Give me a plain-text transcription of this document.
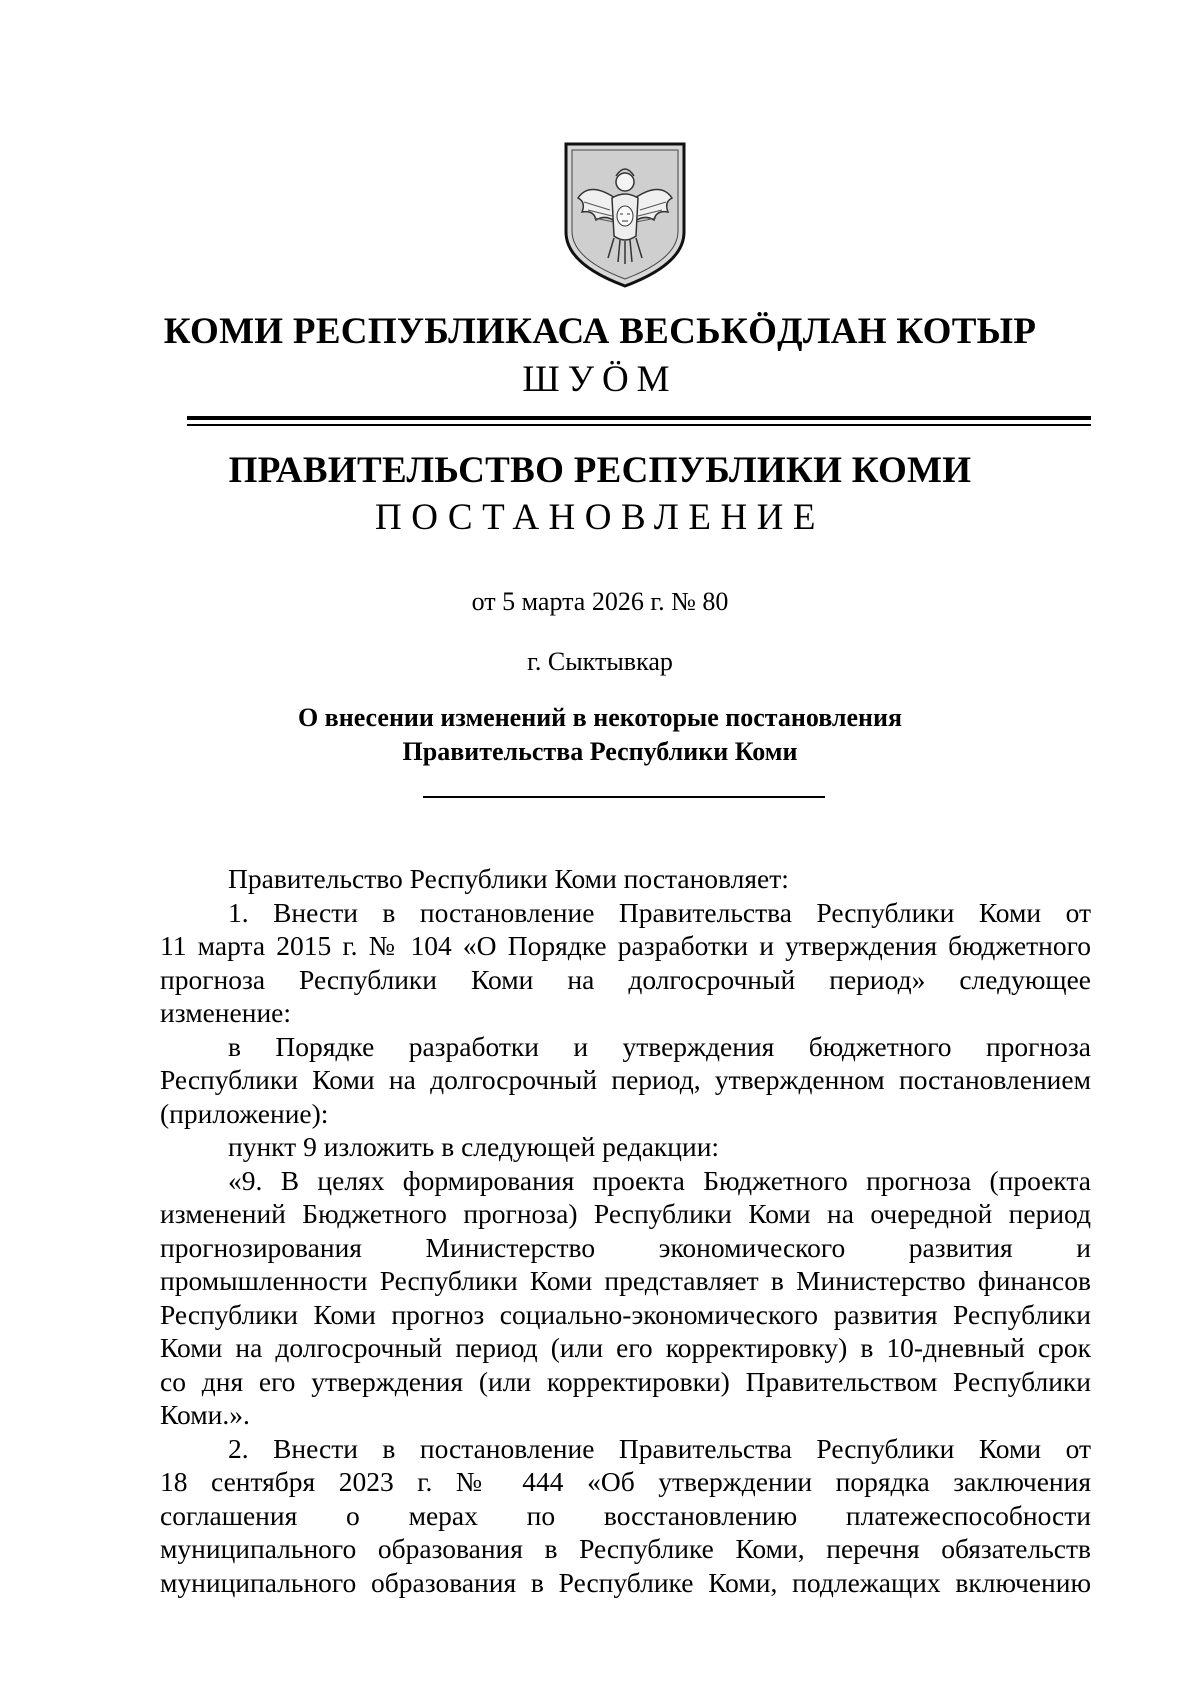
КОМИ РЕСПУБЛИКАСА ВЕСЬКӦДЛАН КОТЫР
ШУӦМ
ПРАВИТЕЛЬСТВО РЕСПУБЛИКИ КОМИ
ПОСТАНОВЛЕНИЕ
от 5 марта 2026 г. № 80
г. Сыктывкар
О внесении изменений в некоторые постановления
Правительства Республики Коми

Правительство Республики Коми постановляет:

1. Внести в постановление Правительства Республики Коми от

11 марта 2015 г. № 104 «О Порядке разработки и утверждения бюджетного

прогноза Республики Коми на долгосрочный период» следующее

изменение:

в Порядке разработки и утверждения бюджетного прогноза

Республики Коми на долгосрочный период, утвержденном постановлением

(приложение):

пункт 9 изложить в следующей редакции:

«9. В целях формирования проекта Бюджетного прогноза (проекта

изменений Бюджетного прогноза) Республики Коми на очередной период

прогнозирования Министерство экономического развития и

промышленности Республики Коми представляет в Министерство финансов

Республики Коми прогноз социально-экономического развития Республики

Коми на долгосрочный период (или его корректировку) в 10-дневный срок

со дня его утверждения (или корректировки) Правительством Республики

Коми.».

2. Внести в постановление Правительства Республики Коми от

18 сентября 2023 г. № 444 «Об утверждении порядка заключения

соглашения о мерах по восстановлению платежеспособности

муниципального образования в Республике Коми, перечня обязательств

муниципального образования в Республике Коми, подлежащих включению
